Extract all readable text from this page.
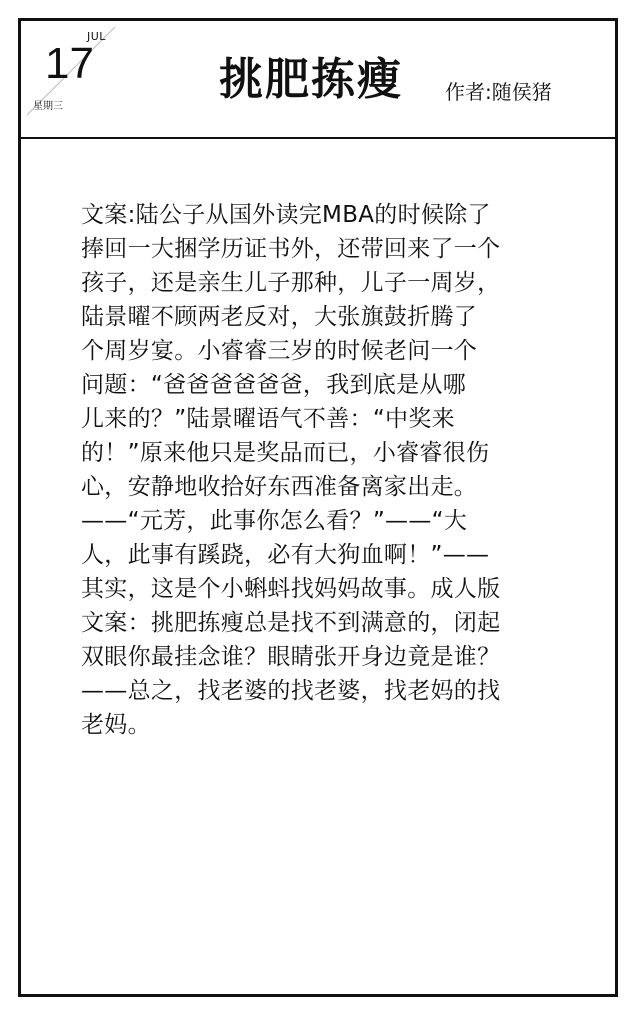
JUL
17
星期三
挑肥拣瘦 作者:随侯猪
文案:陆公子从国外读完MBA的时候除了
捧回一大捆学历证书外，还带回来了一个
孩子，还是亲生儿子那种，儿子一周岁，
陆景曜不顾两老反对，大张旗鼓折腾了
个周岁宴。小睿睿三岁的时候老问一个
问题：“爸爸爸爸爸爸，我到底是从哪
儿来的？”陆景曜语气不善：“中奖来
的！”原来他只是奖品而已，小睿睿很伤
心，安静地收拾好东西准备离家出走。
——“元芳，此事你怎么看？”——“大
人，此事有蹊跷，必有大狗血啊！”——
其实，这是个小蝌蚪找妈妈故事。成人版
文案：挑肥拣瘦总是找不到满意的，闭起
双眼你最挂念谁？眼睛张开身边竟是谁？
——总之，找老婆的找老婆，找老妈的找
老妈。
